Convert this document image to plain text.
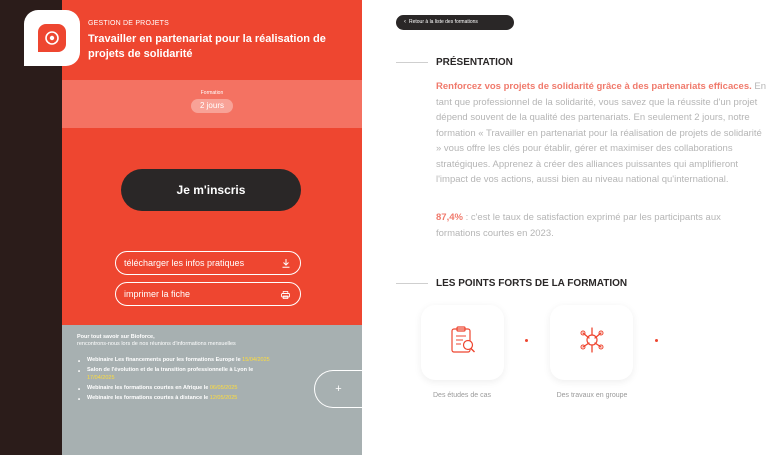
GESTION DE PROJETS
Travailler en partenariat pour la réalisation de projets de solidarité
Formation
2 jours
Je m'inscris
télécharger les infos pratiques
imprimer la fiche
Pour tout savoir sur Bioforce,
rencontrons-nous lors de nos réunions d'informations mensuelles
• Webinaire Les financements pour les formations Europe le 15/04/2025
• Salon de l'évolution et de la transition professionnelle à Lyon le 17/04/2025
• Webinaire les formations courtes en Afrique le 06/05/2025
• Webinaire les formations courtes à distance le 12/05/2025
+
‹ Retour à la liste des formations
PRÉSENTATION
Renforcez vos projets de solidarité grâce à des partenariats efficaces. En tant que professionnel de la solidarité, vous savez que la réussite d'un projet dépend souvent de la qualité des partenariats. En seulement 2 jours, notre formation « Travailler en partenariat pour la réalisation de projets de solidarité » vous offre les clés pour établir, gérer et maximiser des collaborations stratégiques. Apprenez à créer des alliances puissantes qui amplifieront l'impact de vos actions, aussi bien au niveau national qu'international.
87,4% : c'est le taux de satisfaction exprimé par les participants aux formations courtes en 2023.
LES POINTS FORTS DE LA FORMATION
Des études de cas	Des travaux en groupe
